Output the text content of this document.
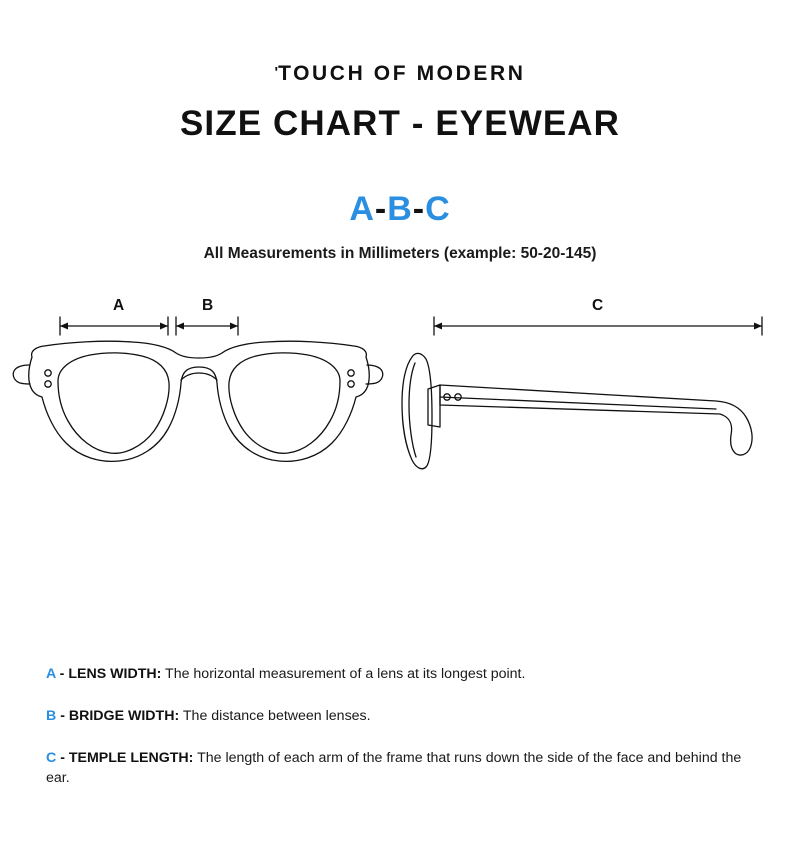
'TOUCH OF MODERN
SIZE CHART - EYEWEAR
A-B-C
All Measurements in Millimeters (example: 50-20-145)
A	B	C
A - LENS WIDTH: The horizontal measurement of a lens at its longest point.
B - BRIDGE WIDTH: The distance between lenses.
C - TEMPLE LENGTH: The length of each arm of the frame that runs down the side of the face and behind the ear.
